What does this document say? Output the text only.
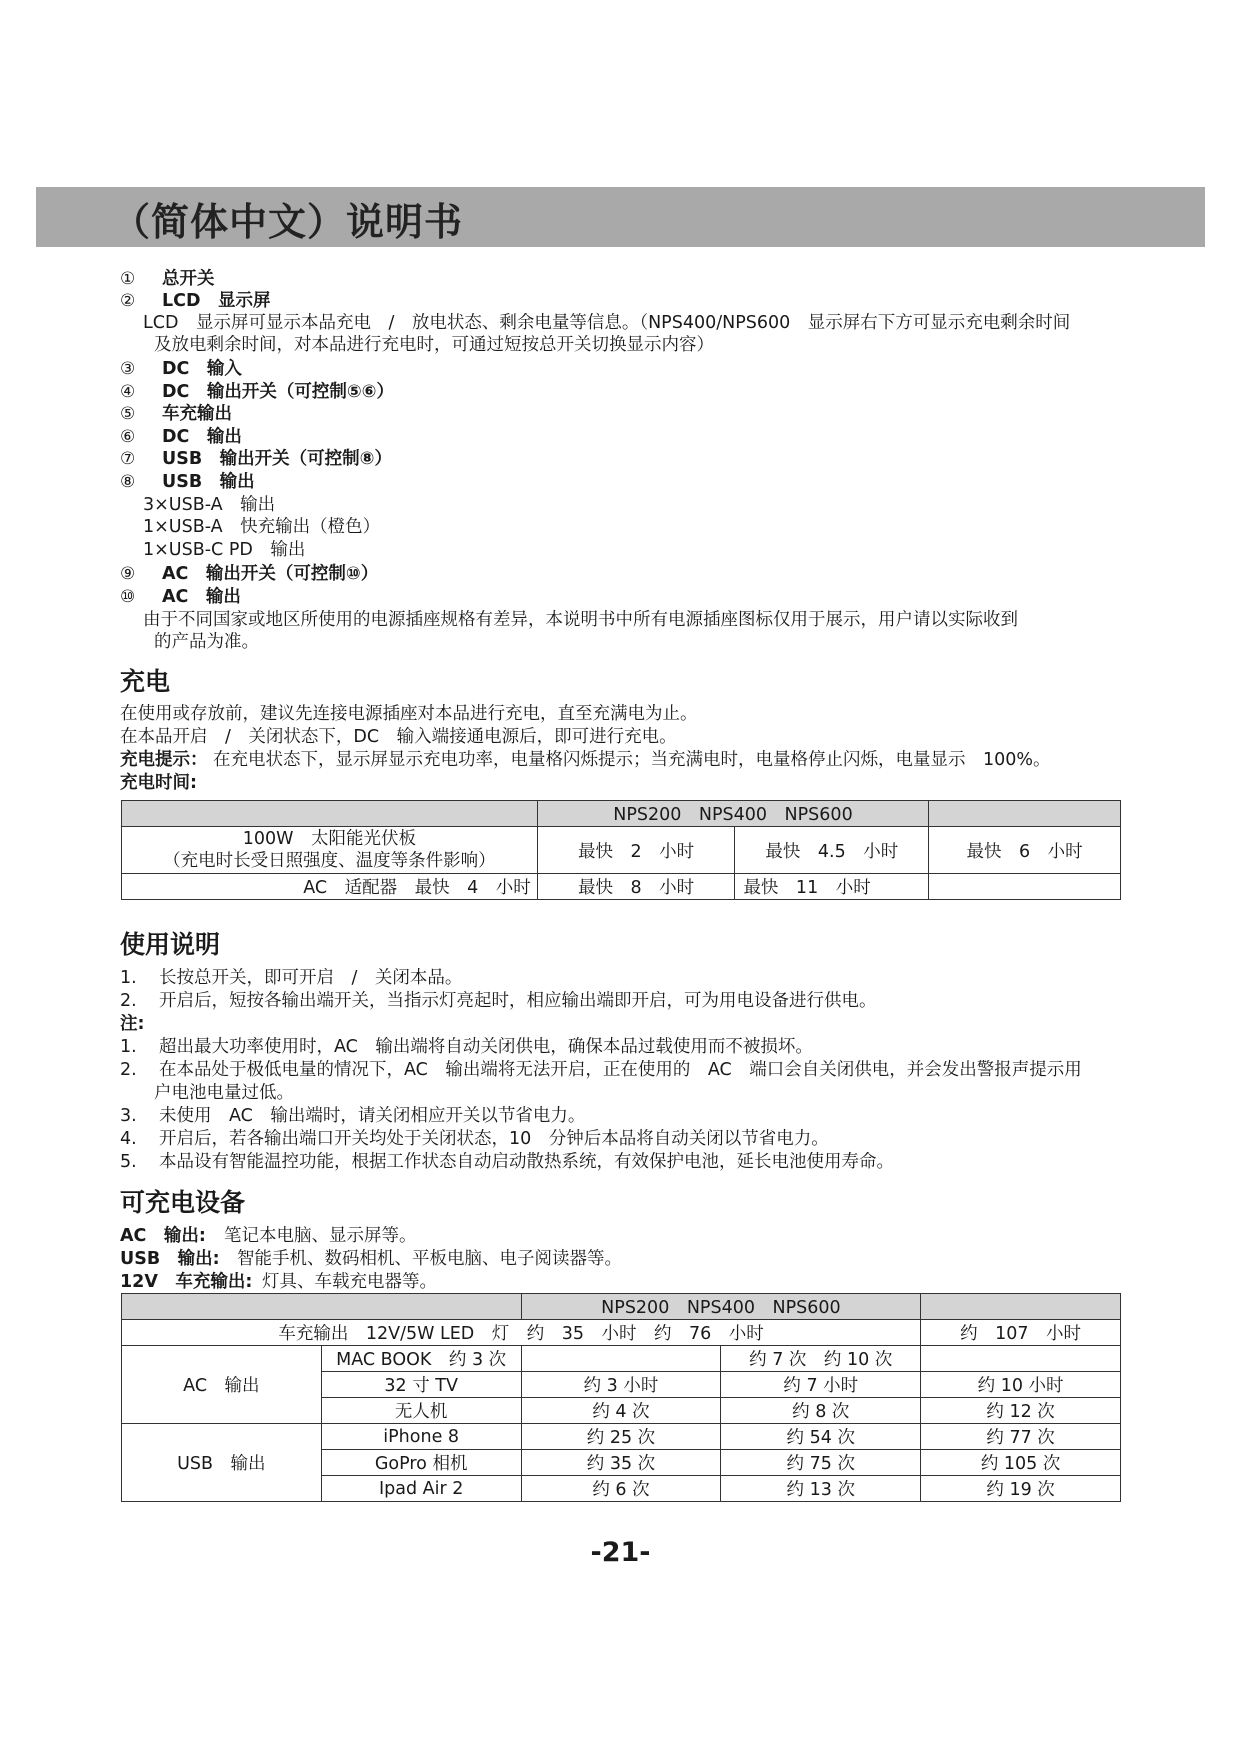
（简体中文）说明书
① 总开关
② LCD　显示屏
LCD　显示屏可显示本品充电　/　放电状态、剩余电量等信息。（NPS400/NPS600　显示屏右下方可显示充电剩余时间
及放电剩余时间，对本品进行充电时，可通过短按总开关切换显示内容）
③ DC　输入
④ DC　输出开关（可控制⑤⑥）
⑤ 车充输出
⑥ DC　输出
⑦ USB　输出开关（可控制⑧）
⑧ USB　输出
3×USB-A　输出
1×USB-A　快充输出（橙色）
1×USB-C PD　输出
⑨ AC　输出开关（可控制⑩）
⑩ AC　输出
由于不同国家或地区所使用的电源插座规格有差异，本说明书中所有电源插座图标仅用于展示，用户请以实际收到
的产品为准。
充电
在使用或存放前，建议先连接电源插座对本品进行充电，直至充满电为止。
在本品开启　/　关闭状态下，DC　输入端接通电源后，即可进行充电。
充电提示： 在充电状态下，显示屏显示充电功率，电量格闪烁提示；当充满电时，电量格停止闪烁，电量显示　100%。
充电时间:
	NPS200　NPS400　NPS600		

100W　太阳能光伏板
（充电时长受日照强度、温度等条件影响）	最快　2　小时	最快　4.5　小时	最快　6　小时
AC　适配器　最快　4　小时	最快　8　小时	最快　11　小时	
使用说明
1. 长按总开关，即可开启　/　关闭本品。
2. 开启后，短按各输出端开关，当指示灯亮起时，相应输出端即开启，可为用电设备进行供电。
注:
1. 超出最大功率使用时，AC　输出端将自动关闭供电，确保本品过载使用而不被损坏。
2. 在本品处于极低电量的情况下，AC　输出端将无法开启，正在使用的　AC　端口会自关闭供电，并会发出警报声提示用
户电池电量过低。
3. 未使用　AC　输出端时，请关闭相应开关以节省电力。
4. 开启后，若各输出端口开关均处于关闭状态，10　分钟后本品将自动关闭以节省电力。
5. 本品设有智能温控功能，根据工作状态自动启动散热系统，有效保护电池，延长电池使用寿命。
可充电设备
AC　输出: 笔记本电脑、显示屏等。
USB　输出: 智能手机、数码相机、平板电脑、电子阅读器等。
12V　车充输出: 灯具、车载充电器等。
		NPS200　NPS400　NPS600		
车充输出　12V/5W LED　灯　约　35　小时　约　76　小时				约　107　小时
AC　输出	MAC BOOK　约 3 次		约 7 次　约 10 次	
	32 寸 TV	约 3 小时	约 7 小时	约 10 小时
	无人机	约 4 次	约 8 次	约 12 次
USB　输出	iPhone 8	约 25 次	约 54 次	约 77 次
	GoPro 相机	约 35 次	约 75 次	约 105 次
	Ipad Air 2	约 6 次	约 13 次	约 19 次
-21-
